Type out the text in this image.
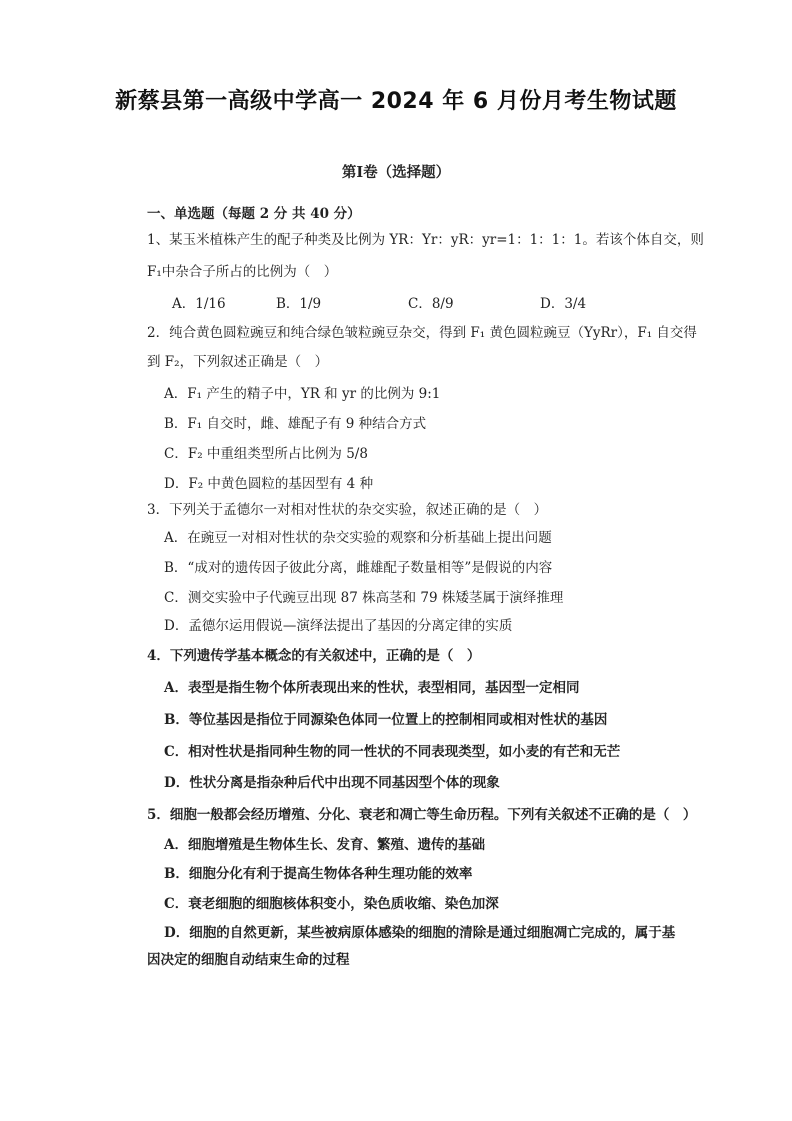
新蔡县第一高级中学高一 2024 年 6 月份月考生物试题
第Ⅰ卷（选择题）
一、单选题（每题 2 分 共 40 分）
1、某玉米植株产生的配子种类及比例为 YR：Yr：yR：yr=1：1：1：1。若该个体自交，则
F₁中杂合子所占的比例为（　）
A．1/16	B．1/9	C．8/9	D．3/4
2．纯合黄色圆粒豌豆和纯合绿色皱粒豌豆杂交，得到 F₁ 黄色圆粒豌豆（YyRr），F₁ 自交得
到 F₂，下列叙述正确是（　）
A．F₁ 产生的精子中，YR 和 yr 的比例为 9:1
B．F₁ 自交时，雌、雄配子有 9 种结合方式
C．F₂ 中重组类型所占比例为 5/8
D．F₂ 中黄色圆粒的基因型有 4 种
3．下列关于孟德尔一对相对性状的杂交实验，叙述正确的是（　）
A．在豌豆一对相对性状的杂交实验的观察和分析基础上提出问题
B．“成对的遗传因子彼此分离，雌雄配子数量相等”是假说的内容
C．测交实验中子代豌豆出现 87 株高茎和 79 株矮茎属于演绎推理
D．孟德尔运用假说—演绎法提出了基因的分离定律的实质
4．下列遗传学基本概念的有关叙述中，正确的是（　）
A．表型是指生物个体所表现出来的性状，表型相同，基因型一定相同
B．等位基因是指位于同源染色体同一位置上的控制相同或相对性状的基因
C．相对性状是指同种生物的同一性状的不同表现类型，如小麦的有芒和无芒
D．性状分离是指杂种后代中出现不同基因型个体的现象
5．细胞一般都会经历增殖、分化、衰老和凋亡等生命历程。下列有关叙述不正确的是（　）
A．细胞增殖是生物体生长、发育、繁殖、遗传的基础
B．细胞分化有利于提高生物体各种生理功能的效率
C．衰老细胞的细胞核体积变小，染色质收缩、染色加深
D．细胞的自然更新，某些被病原体感染的细胞的清除是通过细胞凋亡完成的，属于基
因决定的细胞自动结束生命的过程
